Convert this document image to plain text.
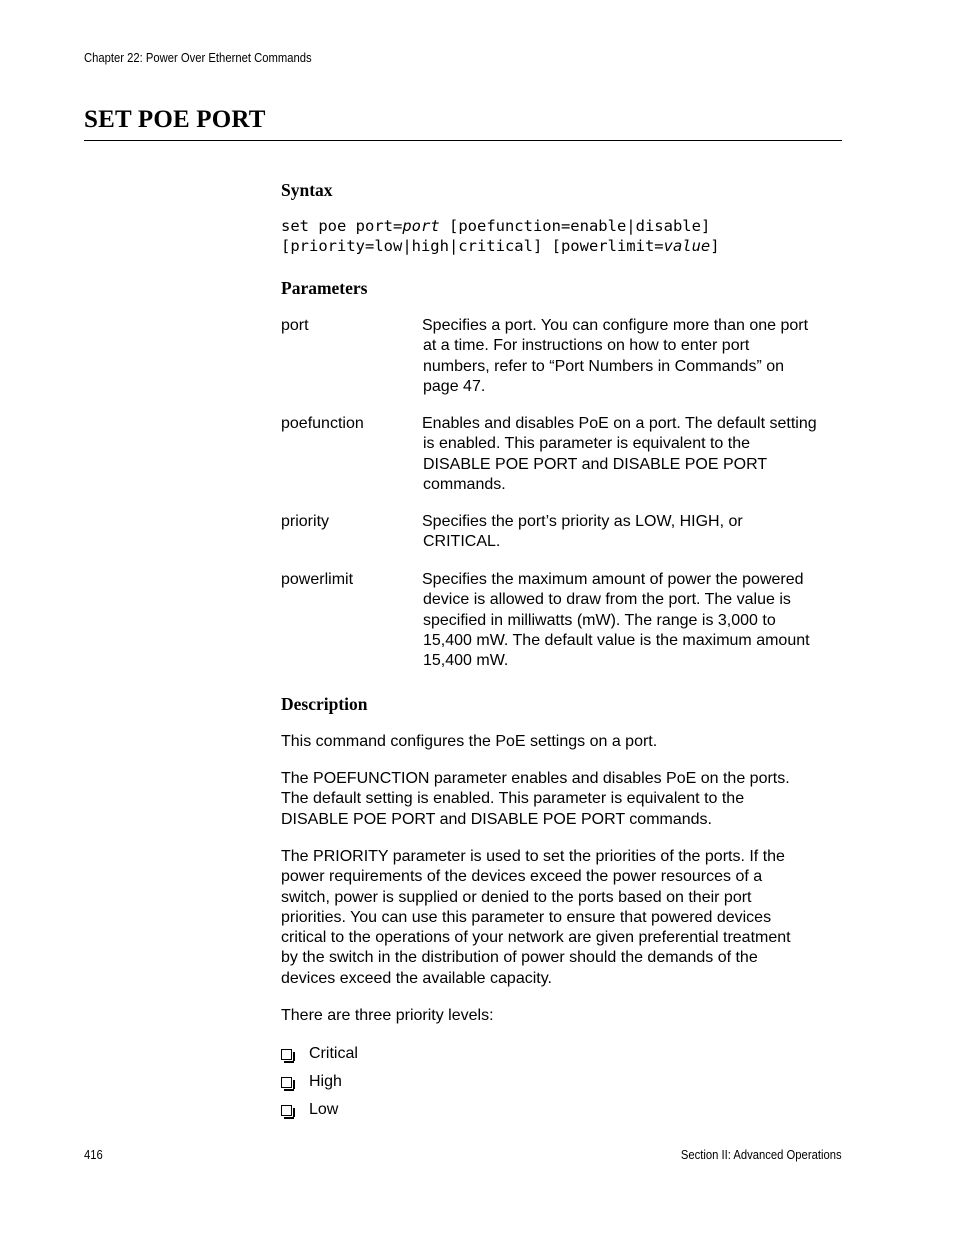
Chapter 22: Power Over Ethernet Commands
SET POE PORT
Syntax
set poe port=port [poefunction=enable|disable]
[priority=low|high|critical] [powerlimit=value]
Parameters
port	Specifies a port. You can configure more than one port
at a time. For instructions on how to enter port
numbers, refer to “Port Numbers in Commands” on
page 47.
poefunction	Enables and disables PoE on a port. The default setting
is enabled. This parameter is equivalent to the
DISABLE POE PORT and DISABLE POE PORT
commands.
priority	Specifies the port’s priority as LOW, HIGH, or
CRITICAL.
powerlimit	Specifies the maximum amount of power the powered
device is allowed to draw from the port. The value is
specified in milliwatts (mW). The range is 3,000 to
15,400 mW. The default value is the maximum amount
15,400 mW.
Description
This command configures the PoE settings on a port.
The POEFUNCTION parameter enables and disables PoE on the ports.
The default setting is enabled. This parameter is equivalent to the
DISABLE POE PORT and DISABLE POE PORT commands.
The PRIORITY parameter is used to set the priorities of the ports. If the
power requirements of the devices exceed the power resources of a
switch, power is supplied or denied to the ports based on their port
priorities. You can use this parameter to ensure that powered devices
critical to the operations of your network are given preferential treatment
by the switch in the distribution of power should the demands of the
devices exceed the available capacity.
There are three priority levels:
Critical
High
Low
416	Section II: Advanced Operations
